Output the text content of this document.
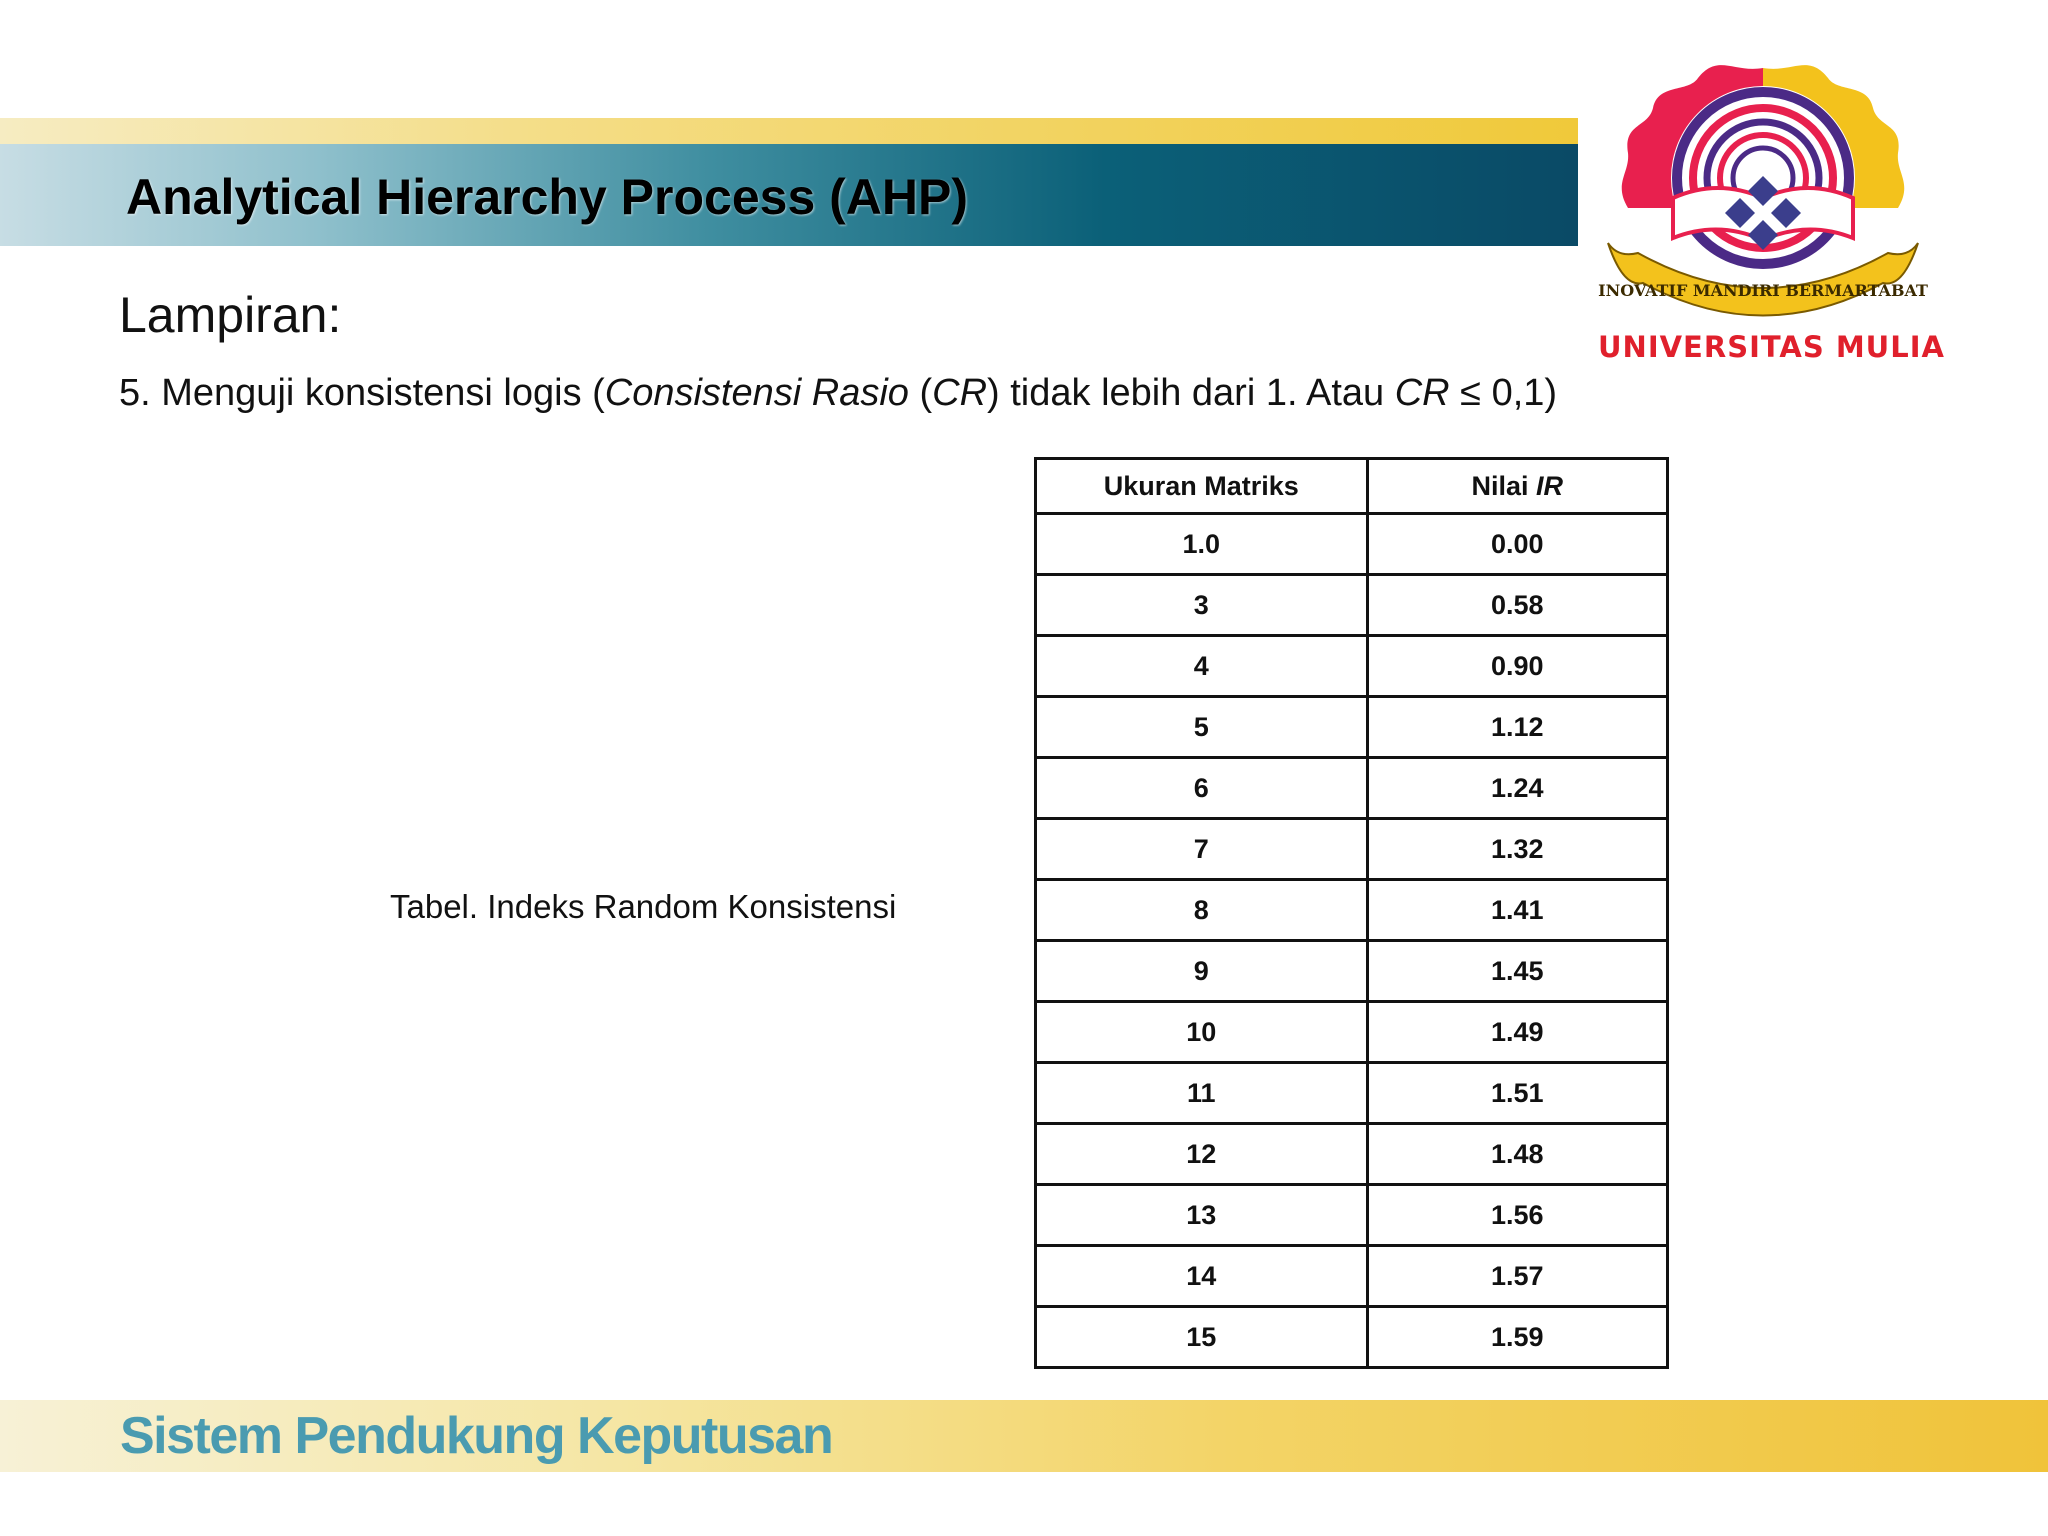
Analytical Hierarchy Process (AHP)
INOVATIF MANDIRI BERMARTABAT
UNIVERSITAS MULIA
Lampiran:

5. Menguji konsistensi logis (Consistensi Rasio (CR) tidak lebih dari 1. Atau CR ≤ 0,1)

Tabel. Indeks Random Konsistensi

Ukuran Matriks	Nilai IR
1.0	0.00
3	0.58
4	0.90
5	1.12
6	1.24
7	1.32
8	1.41
9	1.45
10	1.49
11	1.51
12	1.48
13	1.56
14	1.57
15	1.59

Sistem Pendukung Keputusan
